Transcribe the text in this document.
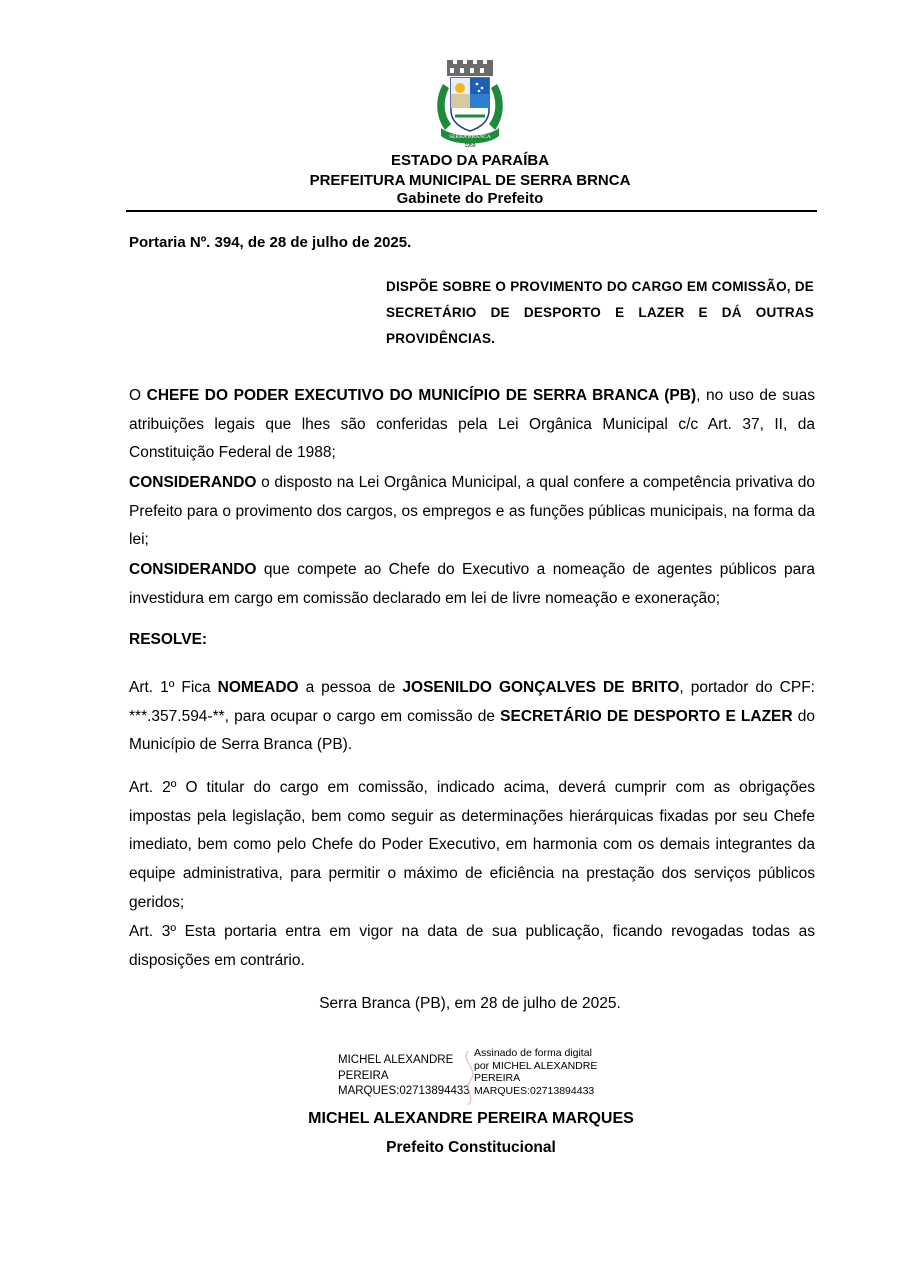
SERRA BRANCA
1959
ESTADO DA PARAÍBA
PREFEITURA MUNICIPAL DE SERRA BRNCA
Gabinete do Prefeito
Portaria Nº. 394, de 28 de julho de 2025.
DISPÕE SOBRE O PROVIMENTO DO CARGO EM COMISSÃO, DE SECRETÁRIO DE DESPORTO E LAZER E DÁ OUTRAS PROVIDÊNCIAS.
O CHEFE DO PODER EXECUTIVO DO MUNICÍPIO DE SERRA BRANCA (PB), no uso de suas atribuições legais que lhes são conferidas pela Lei Orgânica Municipal c/c Art. 37, II, da Constituição Federal de 1988;
CONSIDERANDO o disposto na Lei Orgânica Municipal, a qual confere a competência privativa do Prefeito para o provimento dos cargos, os empregos e as funções públicas municipais, na forma da lei;
CONSIDERANDO que compete ao Chefe do Executivo a nomeação de agentes públicos para investidura em cargo em comissão declarado em lei de livre nomeação e exoneração;
RESOLVE:
Art. 1º Fica NOMEADO a pessoa de JOSENILDO GONÇALVES DE BRITO, portador do CPF: ***.357.594-**, para ocupar o cargo em comissão de SECRETÁRIO DE DESPORTO E LAZER do Município de Serra Branca (PB).
Art. 2º O titular do cargo em comissão, indicado acima, deverá cumprir com as obrigações impostas pela legislação, bem como seguir as determinações hierárquicas fixadas por seu Chefe imediato, bem como pelo Chefe do Poder Executivo, em harmonia com os demais integrantes da equipe administrativa, para permitir o máximo de eficiência na prestação dos serviços públicos geridos;
Art. 3º Esta portaria entra em vigor na data de sua publicação, ficando revogadas todas as disposições em contrário.
Serra Branca (PB), em 28 de julho de 2025.
MICHEL ALEXANDRE
PEREIRA
MARQUES:02713894433
Assinado de forma digital
por MICHEL ALEXANDRE
PEREIRA
MARQUES:02713894433
MICHEL ALEXANDRE PEREIRA MARQUES
Prefeito Constitucional
